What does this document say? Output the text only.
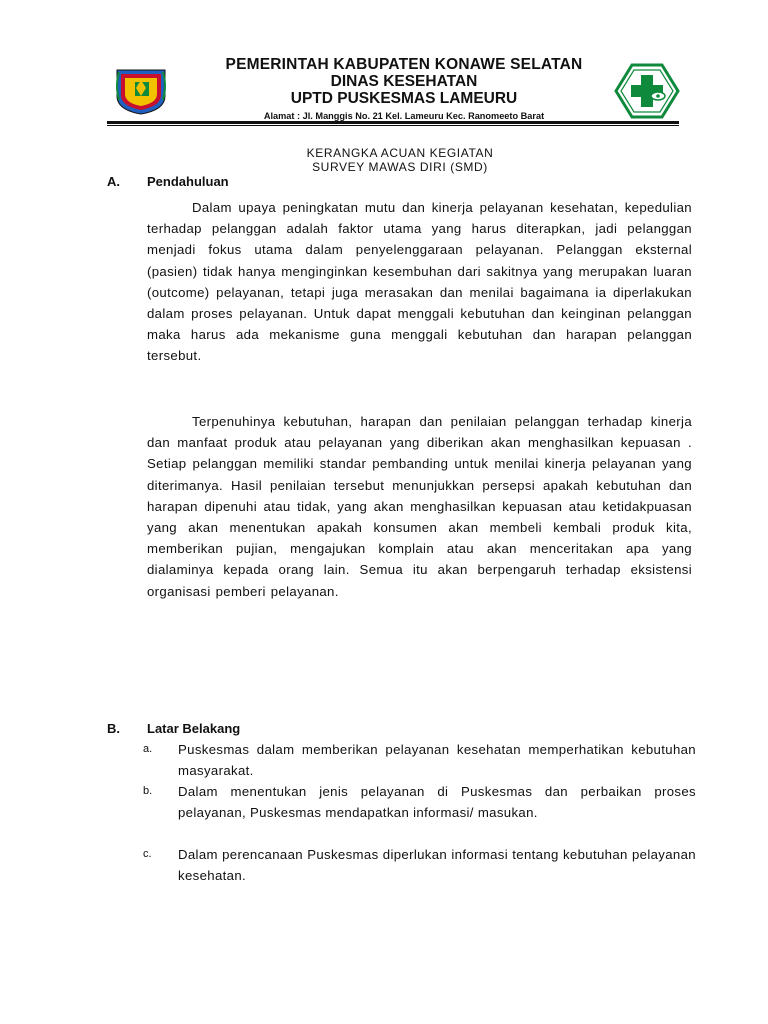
PEMERINTAH KABUPATEN KONAWE SELATAN
DINAS KESEHATAN
UPTD PUSKESMAS LAMEURU
Alamat : Jl. Manggis No. 21 Kel. Lameuru Kec. Ranomeeto Barat
KERANGKA ACUAN KEGIATAN
SURVEY MAWAS DIRI (SMD)
A. Pendahuluan

Dalam upaya peningkatan mutu dan kinerja pelayanan kesehatan, kepedulian terhadap pelanggan adalah faktor utama yang harus diterapkan, jadi pelanggan menjadi fokus utama dalam penyelenggaraan pelayanan. Pelanggan eksternal (pasien) tidak hanya menginginkan kesembuhan dari sakitnya yang merupakan luaran (outcome) pelayanan, tetapi juga merasakan dan menilai bagaimana ia diperlakukan dalam proses pelayanan. Untuk dapat menggali kebutuhan dan keinginan pelanggan maka harus ada mekanisme guna menggali kebutuhan dan harapan pelanggan tersebut.

Terpenuhinya kebutuhan, harapan dan penilaian pelanggan terhadap kinerja dan manfaat produk atau pelayanan yang diberikan akan menghasilkan kepuasan . Setiap pelanggan memiliki standar pembanding untuk menilai kinerja pelayanan yang diterimanya. Hasil penilaian tersebut menunjukkan persepsi apakah kebutuhan dan harapan dipenuhi atau tidak, yang akan menghasilkan kepuasan atau ketidakpuasan yang akan menentukan apakah konsumen akan membeli kembali produk kita, memberikan pujian, mengajukan komplain atau akan menceritakan apa yang dialaminya kepada orang lain. Semua itu akan berpengaruh terhadap eksistensi organisasi pemberi pelayanan.

B. Latar Belakang
a. Puskesmas dalam memberikan pelayanan kesehatan memperhatikan kebutuhan masyarakat.

b. Dalam menentukan jenis pelayanan di Puskesmas dan perbaikan proses pelayanan, Puskesmas mendapatkan informasi/ masukan.

c. Dalam perencanaan Puskesmas diperlukan informasi tentang kebutuhan pelayanan kesehatan.
